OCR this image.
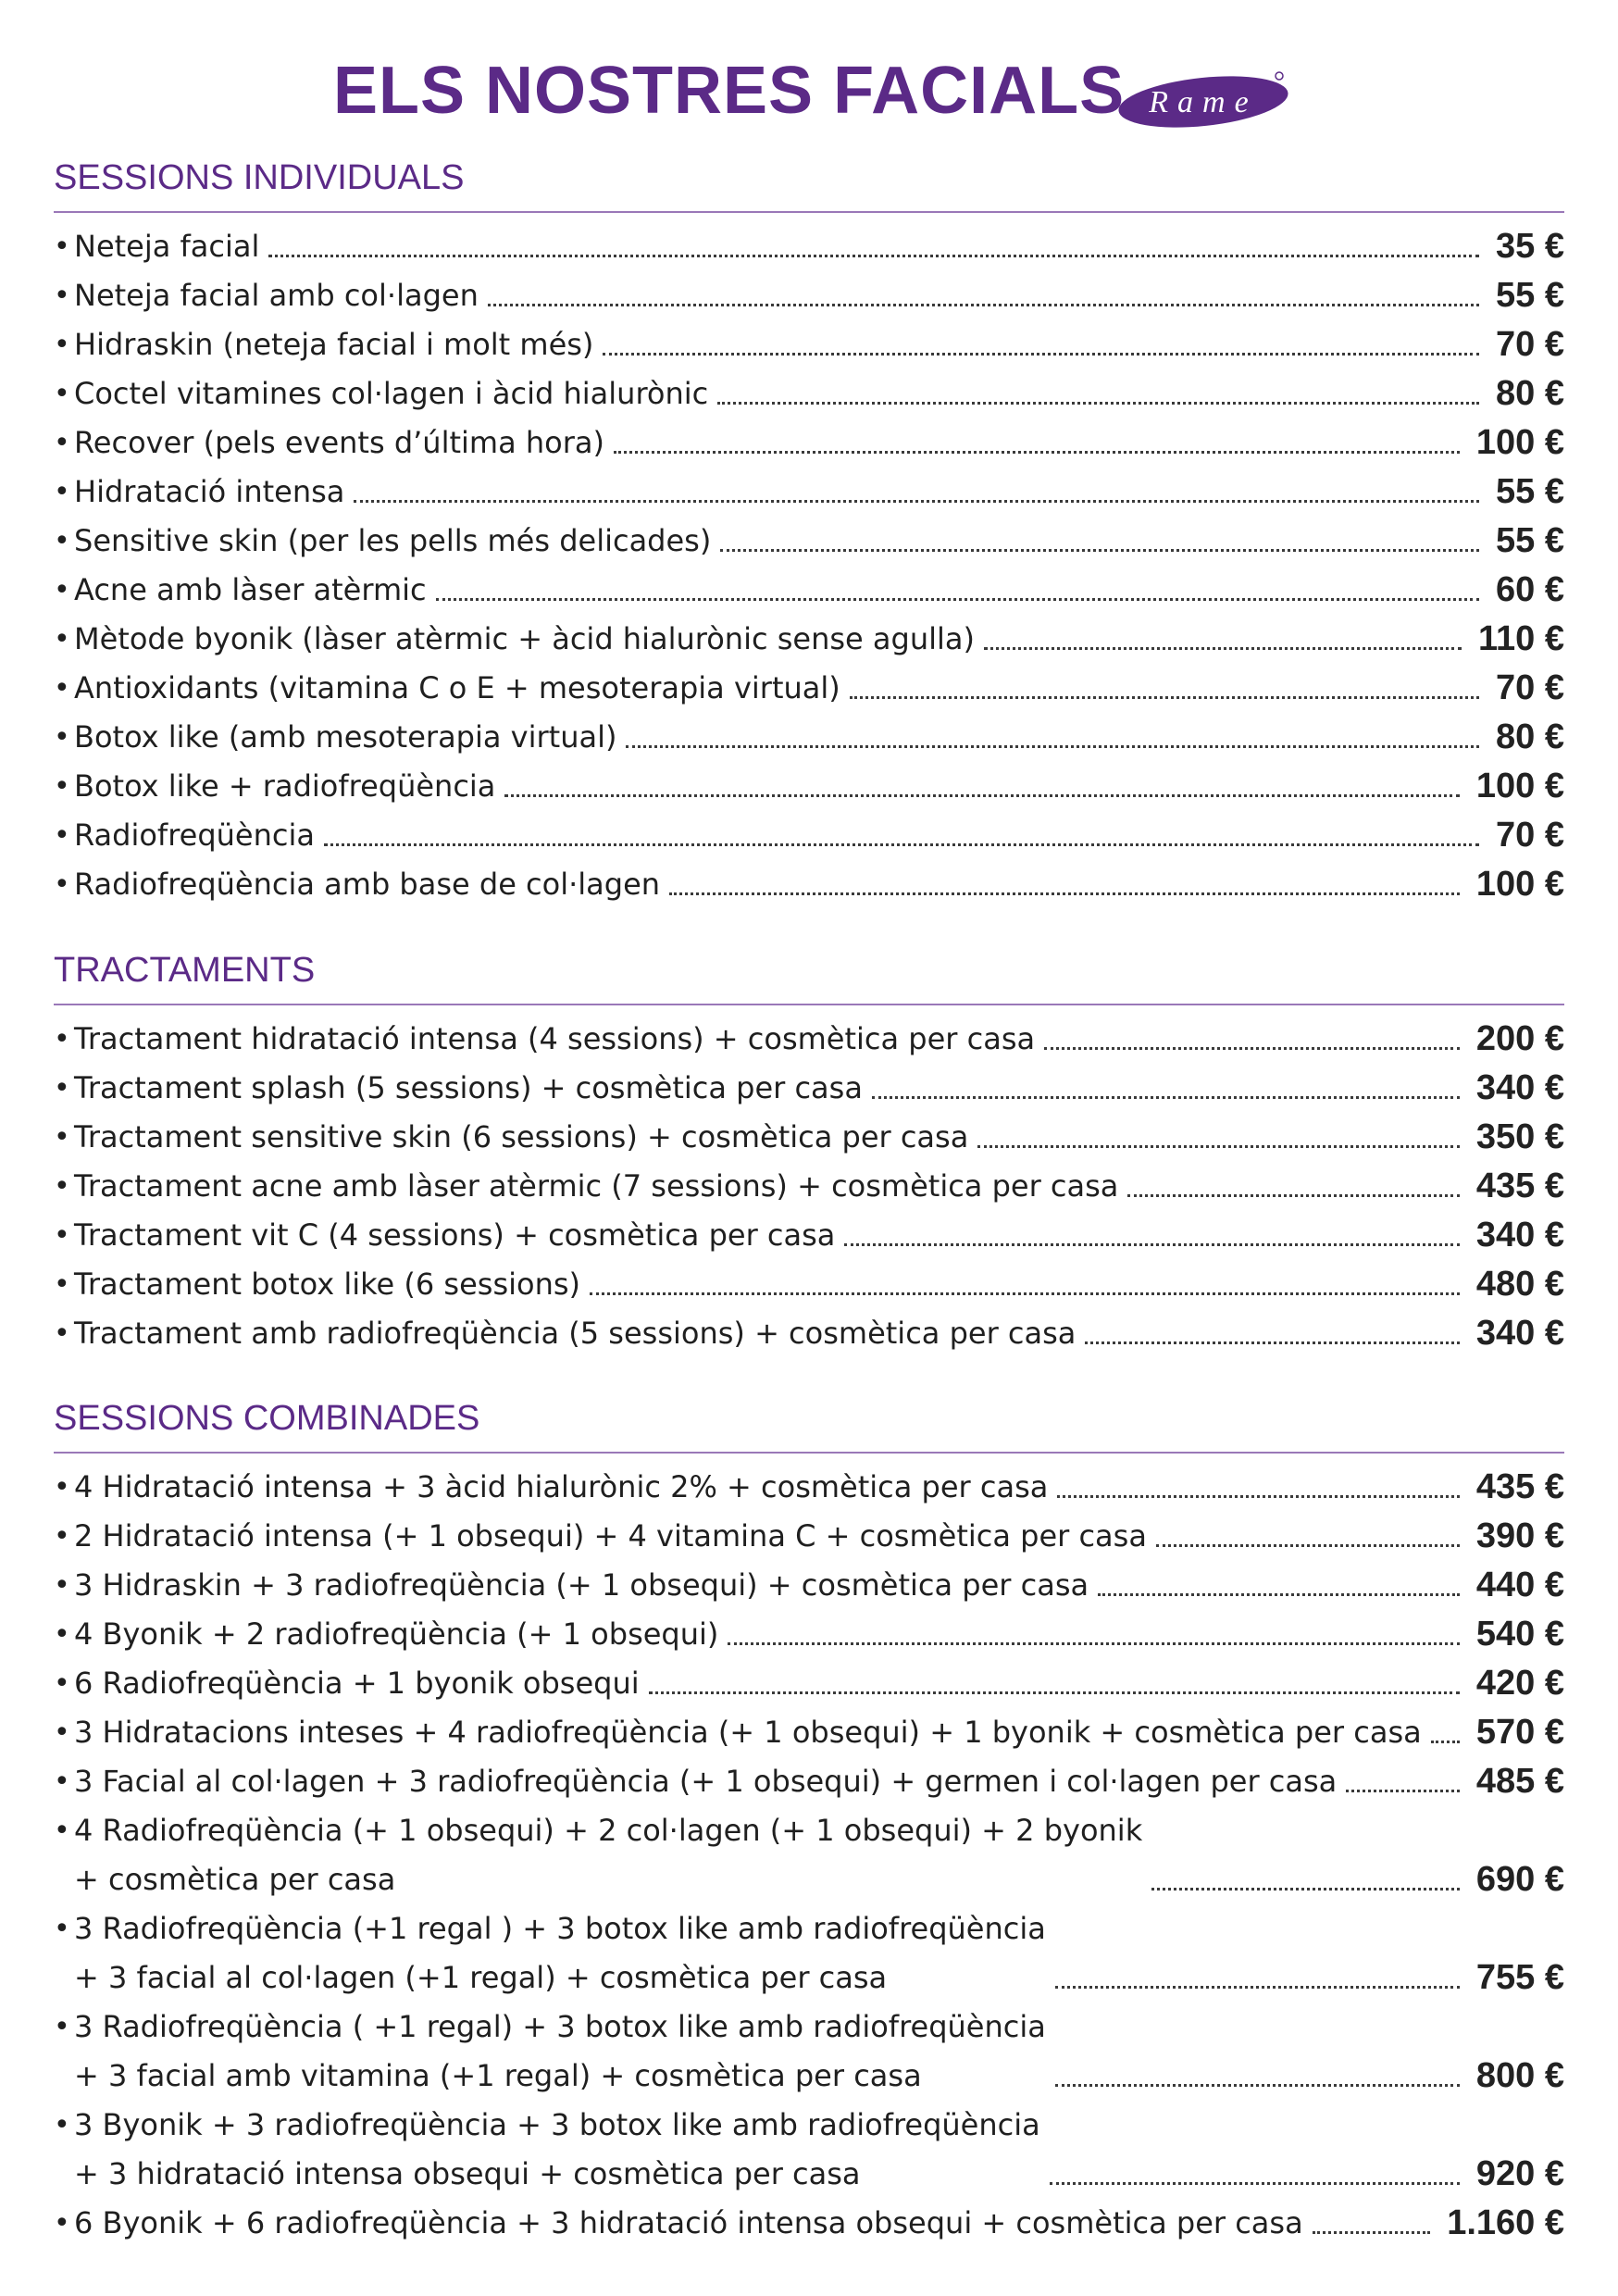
ELS NOSTRES FACIALS Rame
SESSIONS INDIVIDUALS
• Neteja facial	35 €
• Neteja facial amb col·lagen	55 €
• Hidraskin (neteja facial i molt més)	70 €
• Coctel vitamines col·lagen i àcid hialurònic	80 €
• Recover (pels events d’última hora)	100 €
• Hidratació intensa	55 €
• Sensitive skin (per les pells més delicades)	55 €
• Acne amb làser atèrmic	60 €
• Mètode byonik (làser atèrmic + àcid hialurònic sense agulla)	110 €
• Antioxidants (vitamina C o E + mesoterapia virtual)	70 €
• Botox like (amb mesoterapia virtual)	80 €
• Botox like + radiofreqüència	100 €
• Radiofreqüència	70 €
• Radiofreqüència amb base de col·lagen	100 €
TRACTAMENTS
• Tractament hidratació intensa (4 sessions) + cosmètica per casa	200 €
• Tractament splash (5 sessions) + cosmètica per casa	340 €
• Tractament sensitive skin (6 sessions) + cosmètica per casa	350 €
• Tractament acne amb làser atèrmic (7 sessions) + cosmètica per casa	435 €
• Tractament vit C (4 sessions) + cosmètica per casa	340 €
• Tractament botox like (6 sessions)	480 €
• Tractament amb radiofreqüència (5 sessions) + cosmètica per casa	340 €
SESSIONS COMBINADES
• 4 Hidratació intensa + 3 àcid hialurònic 2% + cosmètica per casa	435 €
• 2 Hidratació intensa (+ 1 obsequi) + 4 vitamina C + cosmètica per casa	390 €
• 3 Hidraskin + 3 radiofreqüència (+ 1 obsequi) + cosmètica per casa	440 €
• 4 Byonik + 2 radiofreqüència (+ 1 obsequi)	540 €
• 6 Radiofreqüència + 1 byonik obsequi	420 €
• 3 Hidratacions inteses + 4 radiofreqüència (+ 1 obsequi) + 1 byonik + cosmètica per casa 570 €
• 3 Facial al col·lagen + 3 radiofreqüència (+ 1 obsequi) + germen i col·lagen per casa	485 €
• 4 Radiofreqüència (+ 1 obsequi) + 2 col·lagen (+ 1 obsequi) + 2 byonik
+ cosmètica per casa	690 €
• 3 Radiofreqüència (+1 regal ) + 3 botox like amb radiofreqüència
+ 3 facial al col·lagen (+1 regal) + cosmètica per casa	755 €
• 3 Radiofreqüència ( +1 regal) + 3 botox like amb radiofreqüència
+ 3 facial amb vitamina (+1 regal) + cosmètica per casa	800 €
• 3 Byonik + 3 radiofreqüència + 3 botox like amb radiofreqüència
+ 3 hidratació intensa obsequi + cosmètica per casa	920 €
• 6 Byonik + 6 radiofreqüència + 3 hidratació intensa obsequi + cosmètica per casa	1.160 €
